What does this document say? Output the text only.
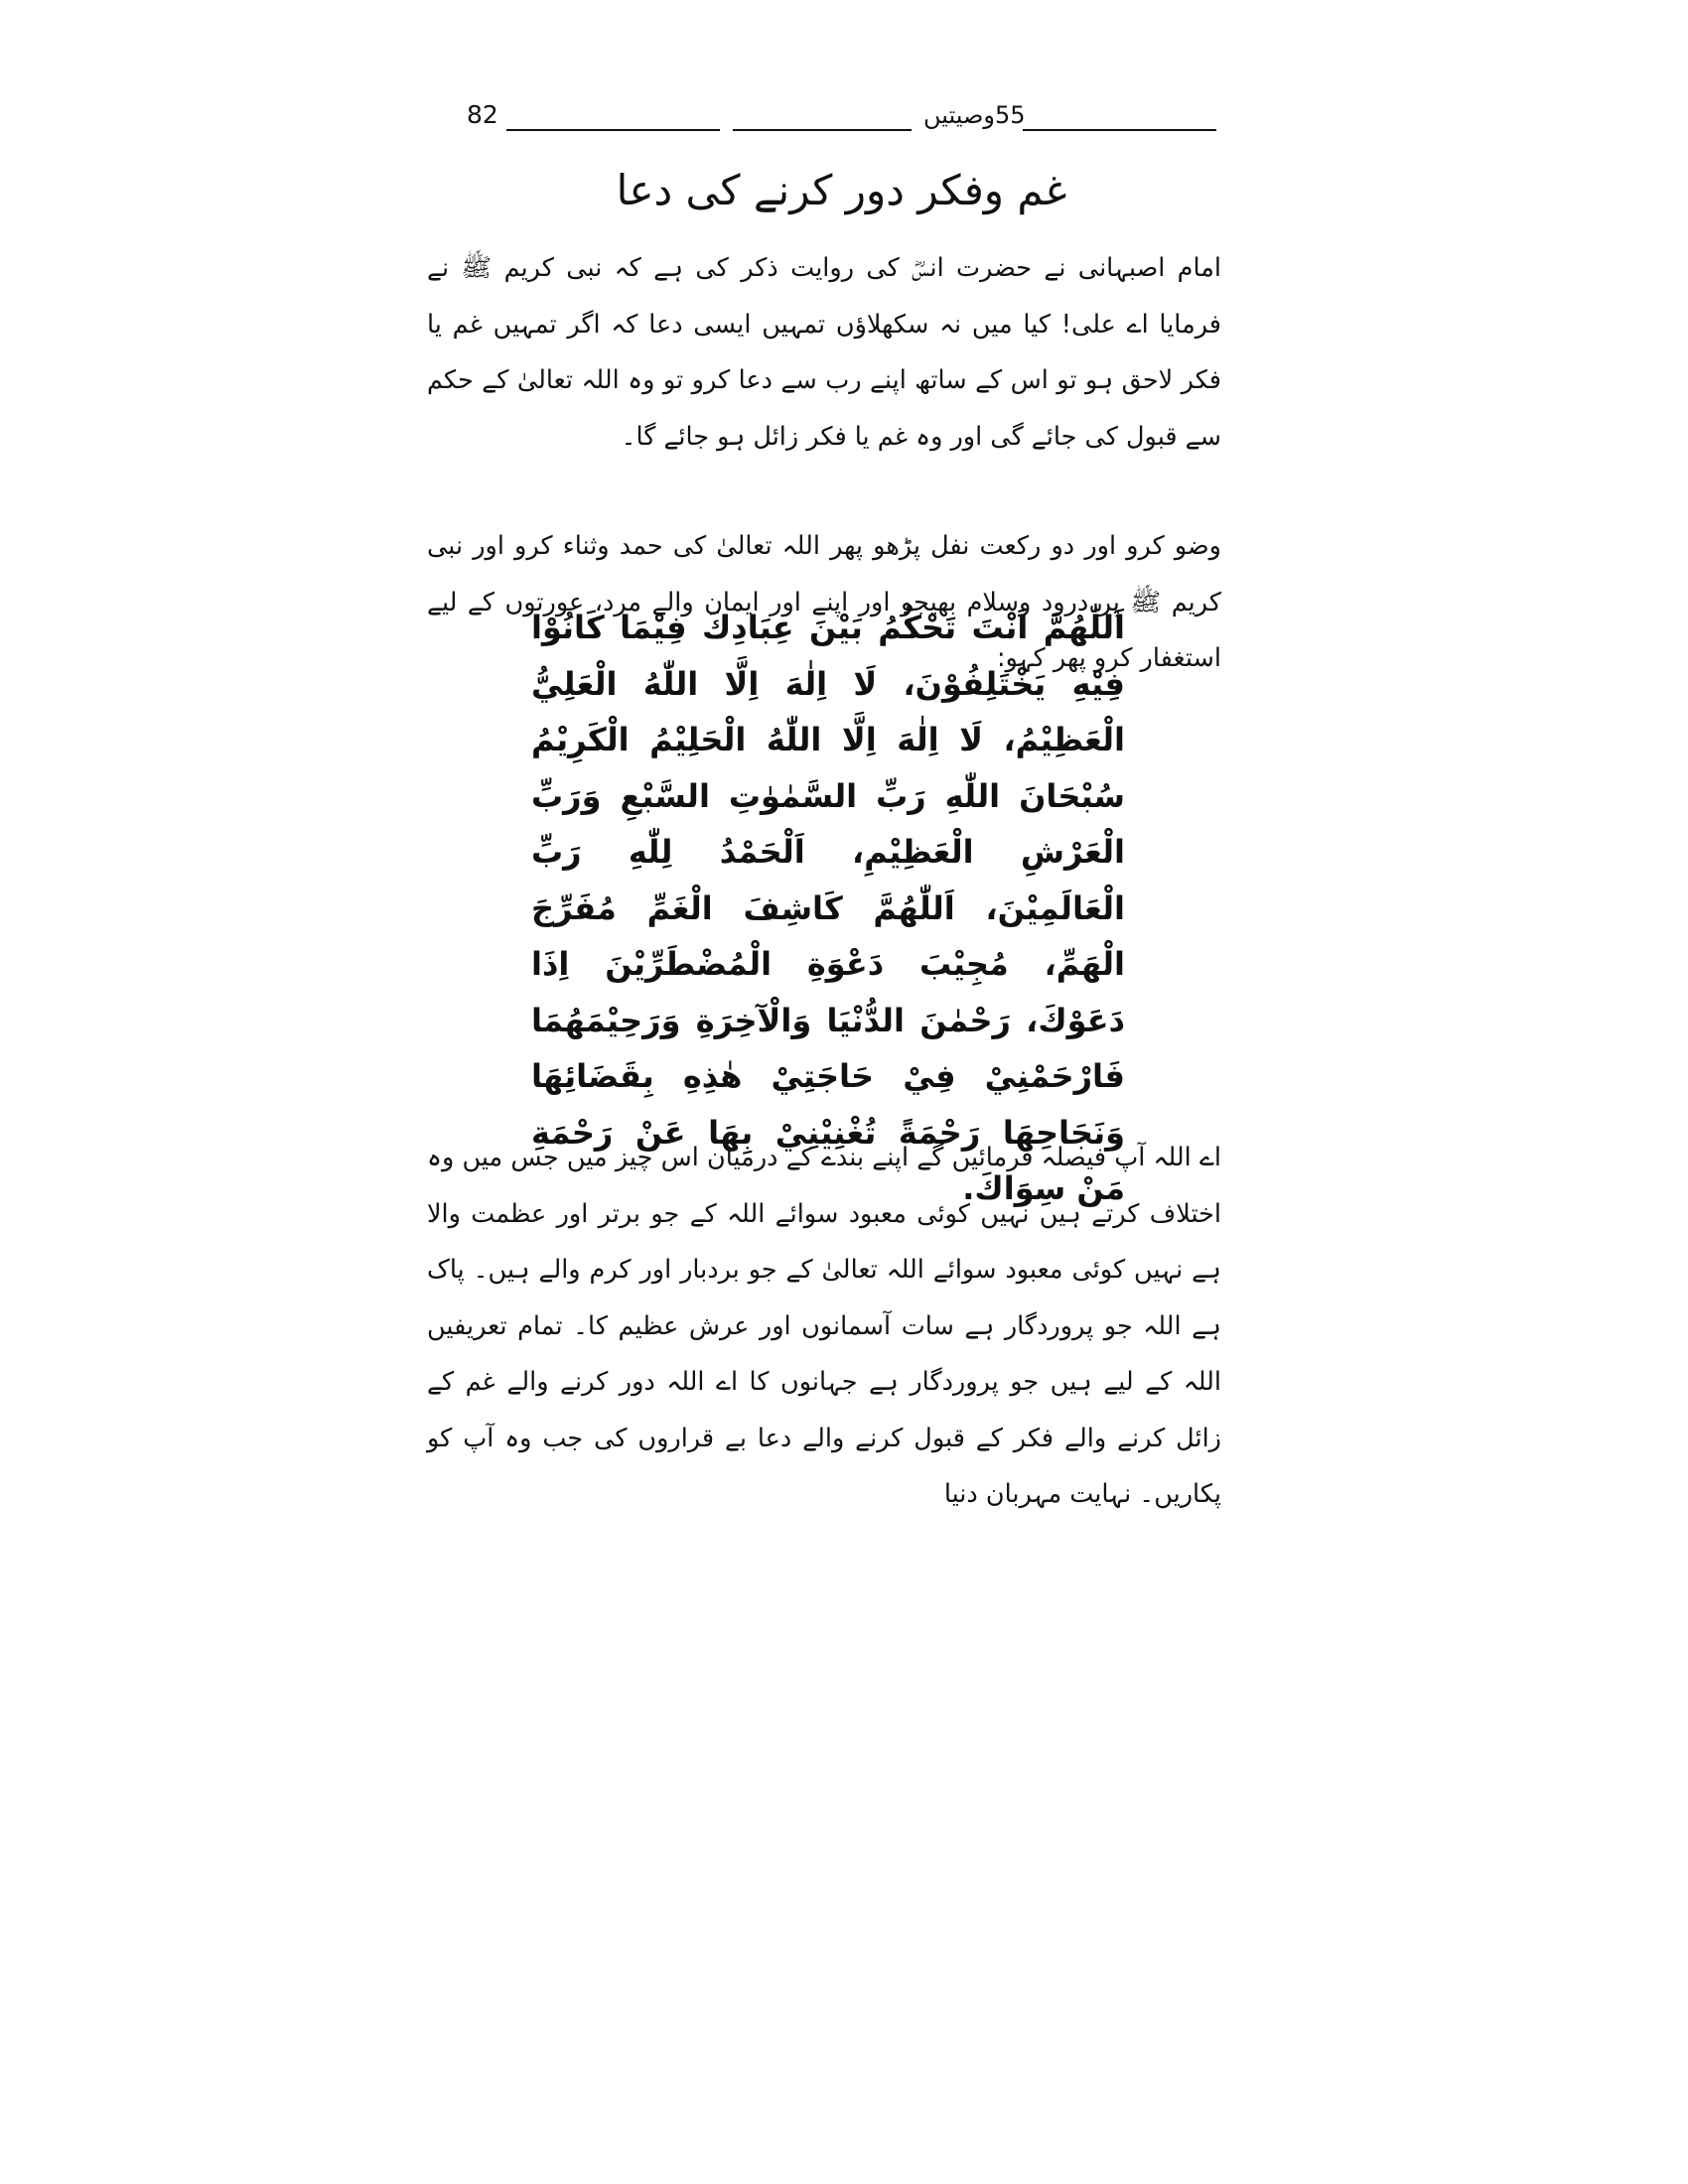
82	55وصیتیں
غم وفکر دور کرنے کی دعا

امام اصبہانی نے حضرت انسؓ کی روایت ذکر کی ہے کہ نبی کریم ﷺ نے فرمایا اے علی! کیا میں نہ سکھلاؤں تمہیں ایسی دعا کہ اگر تمہیں غم یا فکر لاحق ہو تو اس کے ساتھ اپنے رب سے دعا کرو تو وہ اللہ تعالیٰ کے حکم سے قبول کی جائے گی اور وہ غم یا فکر زائل ہو جائے گا۔

وضو کرو اور دو رکعت نفل پڑھو پھر اللہ تعالیٰ کی حمد وثناء کرو اور نبی کریم ﷺ پر درود وسلام بھیجو اور اپنے اور ایمان والے مرد، عورتوں کے لیے استغفار کرو پھر کہو:

اَللّٰهُمَّ اَنْتَ تَحْكُمُ بَيْنَ عِبَادِكَ فِيْمَا كَانُوْا فِيْهِ يَخْتَلِفُوْنَ، لَا اِلٰهَ اِلَّا اللّٰهُ الْعَلِيُّ الْعَظِيْمُ، لَا اِلٰهَ اِلَّا اللّٰهُ الْحَلِيْمُ الْكَرِيْمُ سُبْحَانَ اللّٰهِ رَبِّ السَّمٰوٰتِ السَّبْعِ وَرَبِّ الْعَرْشِ الْعَظِيْمِ، اَلْحَمْدُ لِلّٰهِ رَبِّ الْعَالَمِيْنَ، اَللّٰهُمَّ كَاشِفَ الْغَمِّ مُفَرِّجَ الْهَمِّ، مُجِيْبَ دَعْوَةِ الْمُضْطَرِّيْنَ اِذَا دَعَوْكَ، رَحْمٰنَ الدُّنْيَا وَالْآخِرَةِ وَرَحِيْمَهُمَا فَارْحَمْنِيْ فِيْ حَاجَتِيْ هٰذِهِ بِقَضَائِهَا وَنَجَاحِهَا رَحْمَةً تُغْنِيْنِيْ بِهَا عَنْ رَحْمَةِ مَنْ سِوَاكَ.

اے اللہ آپ فیصلہ فرمائیں گے اپنے بندے کے درمیان اس چیز میں جس میں وہ اختلاف کرتے ہیں نہیں کوئی معبود سوائے اللہ کے جو برتر اور عظمت والا ہے نہیں کوئی معبود سوائے اللہ تعالیٰ کے جو بردبار اور کرم والے ہیں۔ پاک ہے اللہ جو پروردگار ہے سات آسمانوں اور عرش عظیم کا۔ تمام تعریفیں اللہ کے لیے ہیں جو پروردگار ہے جہانوں کا اے اللہ دور کرنے والے غم کے زائل کرنے والے فکر کے قبول کرنے والے دعا بے قراروں کی جب وہ آپ کو پکاریں۔ نہایت مہربان دنیا
